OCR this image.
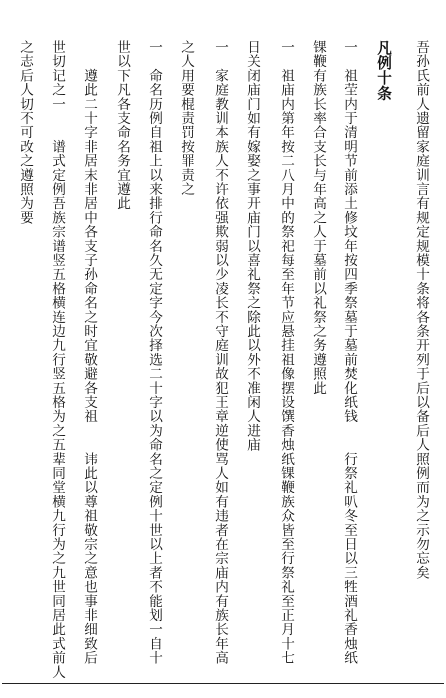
吾孙氏前人遗留家庭训言有规定规模十条将各条开列于后以备后人照例而为之示勿忘矣
凡例十条
一　祖茔内于清明节前添土修坟年按四季祭墓于墓前焚化纸钱　　行祭礼叭冬至日以三牲酒礼香烛纸
锞鞭有族长率合支长与年高之人于墓前以礼祭之务遵照此
一　祖庙内第年按二八月中的祭祀每至年节应悬挂祖像摆设馔香烛纸锞鞭族众皆至行祭礼至正月十七
日关闭庙门如有嫁娶之事开庙门以喜礼祭之除此以外不准闲人进庙
一　家庭教训本族人不许依强欺弱以少凌长不守庭训故犯王章逆使骂人如有违者在宗庙内有族长年高
之人用要棍责罚按罪责之
一　命名历例自祖上以来排行命名久无定字今次择选二十字以为命名之定例十世以上者不能划一自十
世以下凡各支命名务宜遵此
　　遵此二十字非居末非居中各支子孙命名之时宜敬避各支祖　　讳此以尊祖敬宗之意也事非细致后
世切记之一　　谱式定例吾族宗谱竖五格横连边九行竖五格为之五辈同堂横九行为之九世同居此式前人
之志后人切不可改之遵照为要
